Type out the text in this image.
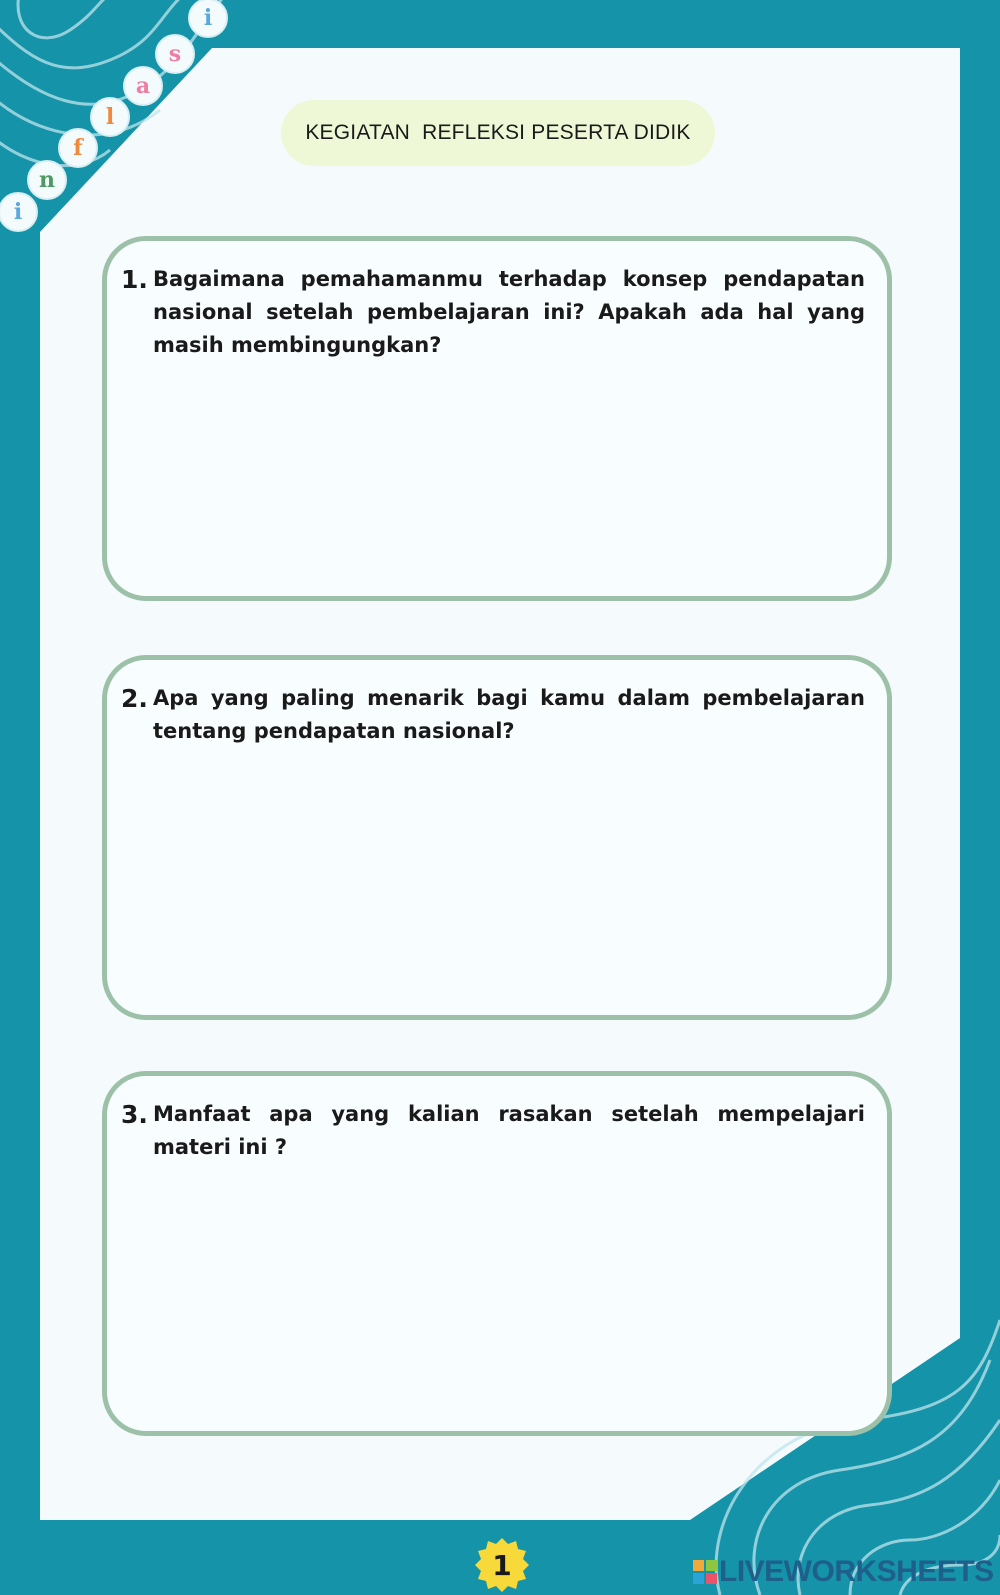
i
n
f
l
a
s
i
KEGIATAN  REFLEKSI PESERTA DIDIK
1. Bagaimana pemahamanmu terhadap konsep pendapatan nasional setelah pembelajaran ini? Apakah ada hal yang masih membingungkan?
2. Apa yang paling menarik bagi kamu dalam pembelajaran tentang pendapatan nasional?
3. Manfaat apa yang kalian rasakan setelah mempelajari materi ini ?
1	LIVEWORKSHEETS
